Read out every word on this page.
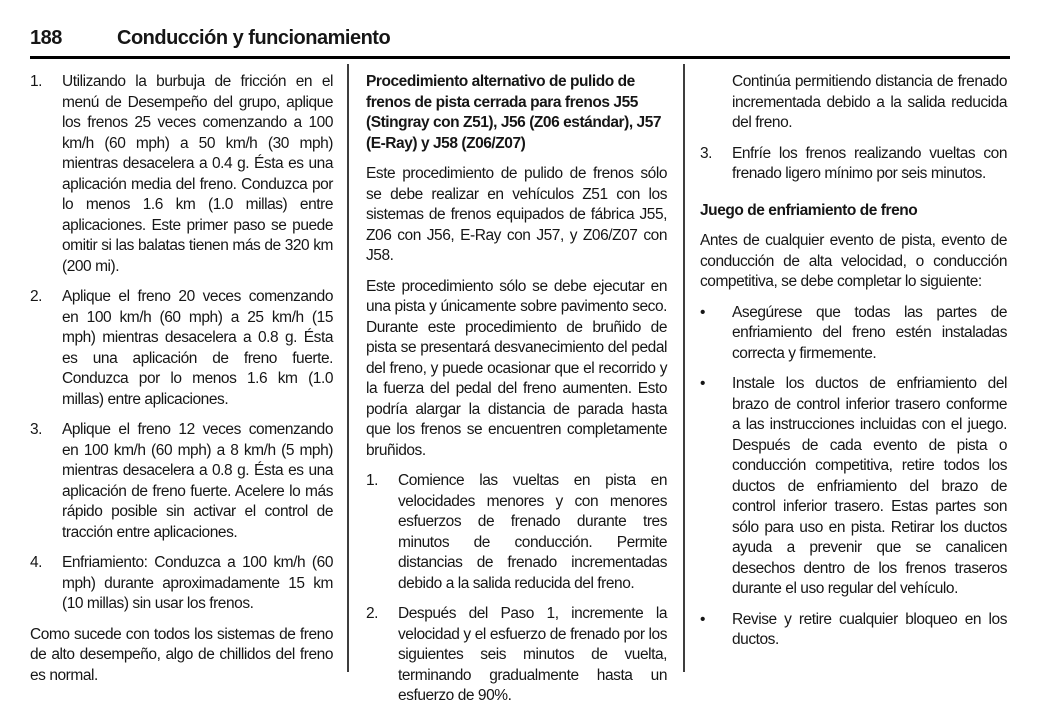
188	Conducción y funcionamiento
1.	Utilizando la burbuja de fricción en el menú de Desempeño del grupo, aplique los frenos 25 veces comenzando a 100 km/h (60 mph) a 50 km/h (30 mph) mientras desacelera a 0.4 g. Ésta es una aplicación media del freno. Conduzca por lo menos 1.6 km (1.0 millas) entre aplicaciones. Este primer paso se puede omitir si las balatas tienen más de 320 km (200 mi).
2.	Aplique el freno 20 veces comenzando en 100 km/h (60 mph) a 25 km/h (15 mph) mientras desacelera a 0.8 g. Ésta es una aplicación de freno fuerte. Conduzca por lo menos 1.6 km (1.0 millas) entre aplicaciones.
3.	Aplique el freno 12 veces comenzando en 100 km/h (60 mph) a 8 km/h (5 mph) mientras desacelera a 0.8 g. Ésta es una aplicación de freno fuerte. Acelere lo más rápido posible sin activar el control de tracción entre aplicaciones.
4.	Enfriamiento: Conduzca a 100 km/h (60 mph) durante aproximadamente 15 km (10 millas) sin usar los frenos.

Como sucede con todos los sistemas de freno de alto desempeño, algo de chillidos del freno es normal.

Procedimiento alternativo de pulido de frenos de pista cerrada para frenos J55 (Stingray con Z51), J56 (Z06 estándar), J57 (E-Ray) y J58 (Z06/Z07)

Este procedimiento de pulido de frenos sólo se debe realizar en vehículos Z51 con los sistemas de frenos equipados de fábrica J55, Z06 con J56, E-Ray con J57, y Z06/Z07 con J58.

Este procedimiento sólo se debe ejecutar en una pista y únicamente sobre pavimento seco. Durante este procedimiento de bruñido de pista se presentará desvanecimiento del pedal del freno, y puede ocasionar que el recorrido y la fuerza del pedal del freno aumenten. Esto podría alargar la distancia de parada hasta que los frenos se encuentren completamente bruñidos.

1.	Comience las vueltas en pista en velocidades menores y con menores esfuerzos de frenado durante tres minutos de conducción. Permite distancias de frenado incrementadas debido a la salida reducida del freno.
2.	Después del Paso 1, incremente la velocidad y el esfuerzo de frenado por los siguientes seis minutos de vuelta, terminando gradualmente hasta un esfuerzo de 90%.

Continúa permitiendo distancia de frenado incrementada debido a la salida reducida del freno.

3.	Enfríe los frenos realizando vueltas con frenado ligero mínimo por seis minutos.
Juego de enfriamiento de freno

Antes de cualquier evento de pista, evento de conducción de alta velocidad, o conducción competitiva, se debe completar lo siguiente:

•	Asegúrese que todas las partes de enfriamiento del freno estén instaladas correcta y firmemente.
•	Instale los ductos de enfriamiento del brazo de control inferior trasero conforme a las instrucciones incluidas con el juego. Después de cada evento de pista o conducción competitiva, retire todos los ductos de enfriamiento del brazo de control inferior trasero. Estas partes son sólo para uso en pista. Retirar los ductos ayuda a prevenir que se canalicen desechos dentro de los frenos traseros durante el uso regular del vehículo.
•	Revise y retire cualquier bloqueo en los ductos.
